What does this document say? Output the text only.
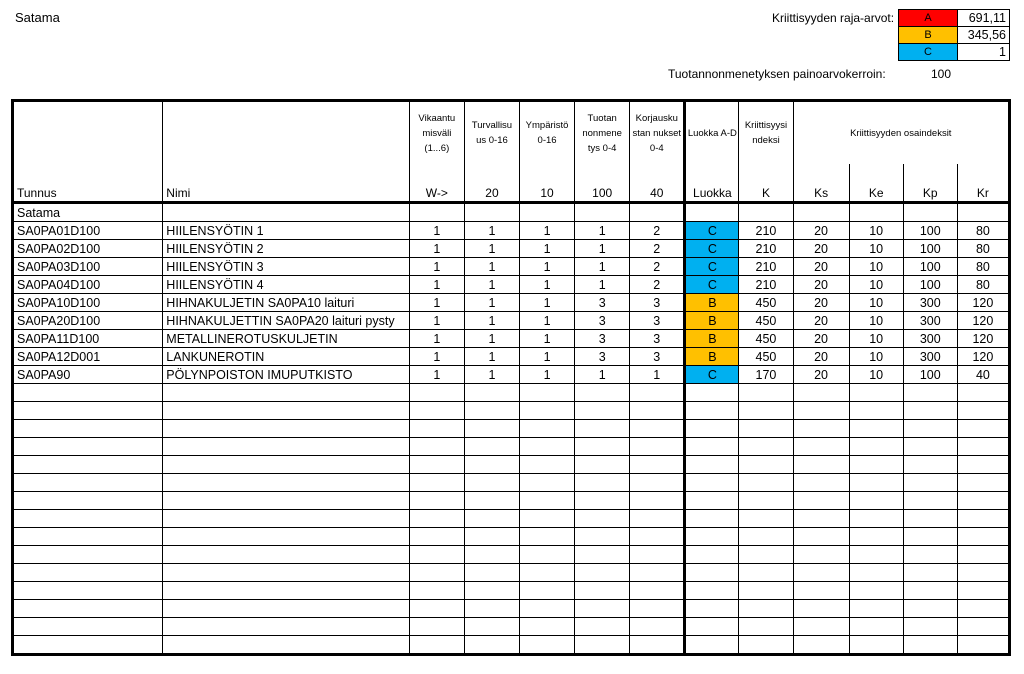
Satama	Kriittisyyden raja-arvot:	A	691,11
B	345,56
C	1
Tuotannonmenetyksen painoarvokerroin:	100
		Vikaantu misväli (1...6)	Turvallisu us 0-16	Ympäristö 0-16	Tuotan nonmene tys 0-4	Korjausku stan nukset 0-4	Luokka A-D	Kriittisyysi ndeksi	Kriittisyyden osaindeksit			
Tunnus	Nimi	W->	20	10	100	40	Luokka	K	Ks	Ke	Kp	Kr
Satama												
SA0PA01D100	HIILENSYÖTIN 1	1	1	1	1	2	C	210	20	10	100	80
SA0PA02D100	HIILENSYÖTIN 2	1	1	1	1	2	C	210	20	10	100	80
SA0PA03D100	HIILENSYÖTIN 3	1	1	1	1	2	C	210	20	10	100	80
SA0PA04D100	HIILENSYÖTIN 4	1	1	1	1	2	C	210	20	10	100	80
SA0PA10D100	HIHNAKULJETIN SA0PA10 laituri	1	1	1	3	3	B	450	20	10	300	120
SA0PA20D100	HIHNAKULJETTIN SA0PA20 laituri pysty	1	1	1	3	3	B	450	20	10	300	120
SA0PA11D100	METALLINEROTUSKULJETIN	1	1	1	3	3	B	450	20	10	300	120
SA0PA12D001	LANKUNEROTIN	1	1	1	3	3	B	450	20	10	300	120
SA0PA90	PÖLYNPOISTON IMUPUTKISTO	1	1	1	1	1	C	170	20	10	100	40
